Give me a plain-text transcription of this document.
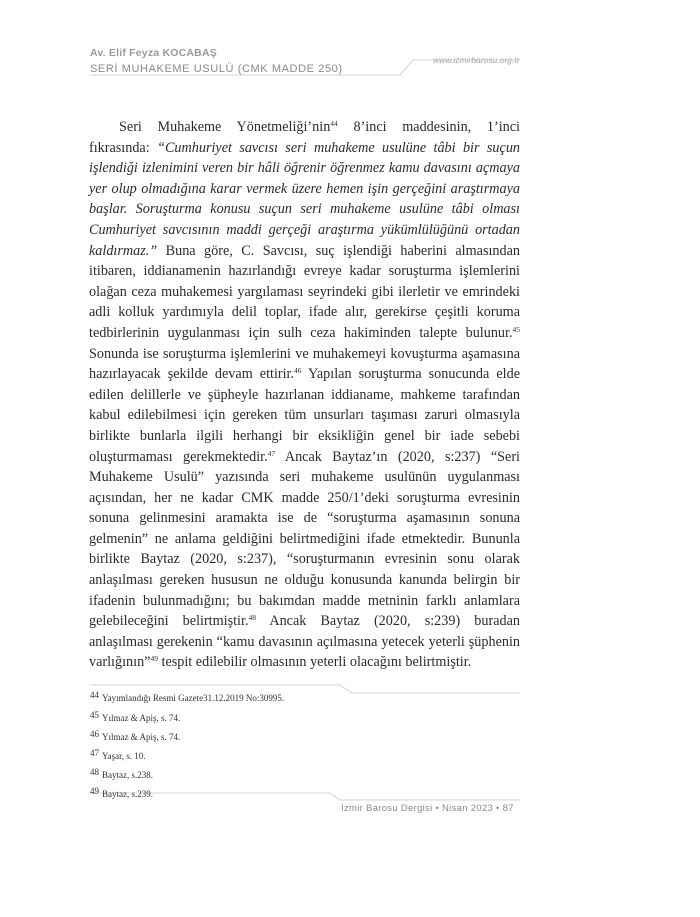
Av. Elif Feyza KOCABAŞ
SERİ MUHAKEME USULÜ (CMK MADDE 250)
www.izmirbarosu.org.tr

Seri Muhakeme Yönetmeliği’nin$^{44}$ 8’inci maddesinin, 1’inci fıkrasında: “Cumhuriyet savcısı seri muhakeme usulüne tâbi bir suçun işlendiği izlenimini veren bir hâli öğrenir öğrenmez kamu davasını açmaya yer olup olmadığına karar vermek üzere hemen işin gerçeğini araştırmaya başlar. Soruşturma konusu suçun seri muhakeme usulüne tâbi olması Cumhuriyet savcısının maddi gerçeği araştırma yükümlülüğünü ortadan kaldırmaz.” Buna göre, C. Savcısı, suç işlendiği haberini almasından itibaren, iddianamenin hazırlandığı evreye kadar soruşturma işlemlerini olağan ceza muhakemesi yargılaması seyrindeki gibi ilerletir ve emrindeki adli kolluk yardımıyla delil toplar, ifade alır, gerekirse çeşitli koruma tedbirlerinin uygulanması için sulh ceza hakiminden talepte bulunur.$^{45}$ Sonunda ise soruşturma işlemlerini ve muhakemeyi kovuşturma aşamasına hazırlayacak şekilde devam ettirir.$^{46}$ Yapılan soruşturma sonucunda elde edilen delillerle ve şüpheyle hazırlanan iddianame, mahkeme tarafından kabul edilebilmesi için gereken tüm unsurları taşıması zaruri olmasıyla birlikte bunlarla ilgili herhangi bir eksikliğin genel bir iade sebebi oluşturmaması gerekmektedir.$^{47}$ Ancak Baytaz’ın (2020, s:237) “Seri Muhakeme Usulü” yazısında seri muhakeme usulünün uygulanması açısından, her ne kadar CMK madde 250/1’deki soruşturma evresinin sonuna gelinmesini aramakta ise de “soruşturma aşamasının sonuna gelmenin” ne anlama geldiğini belirtmediğini ifade etmektedir. Bununla birlikte Baytaz (2020, s:237), “soruşturmanın evresinin sonu olarak anlaşılması gereken hususun ne olduğu konusunda kanunda belirgin bir ifadenin bulunmadığını; bu bakımdan madde metninin farklı anlamlara gelebileceğini belirtmiştir.$^{48}$ Ancak Baytaz (2020, s:239) buradan anlaşılması gerekenin “kamu davasının açılmasına yetecek yeterli şüphenin varlığının”$^{49}$ tespit edilebilir olmasının yeterli olacağını belirtmiştir.

$^{44}$ Yayımlandığı Resmi Gazete31.12.2019 No:30995.
$^{45}$ Yılmaz & Apiş, s. 74.
$^{46}$ Yılmaz & Apiş, s. 74.
$^{47}$ Yaşar, s. 10.
$^{48}$ Baytaz, s.238.
$^{49}$ Baytaz, s.239.
İzmir Barosu Dergisi • Nisan 2023 • 87
